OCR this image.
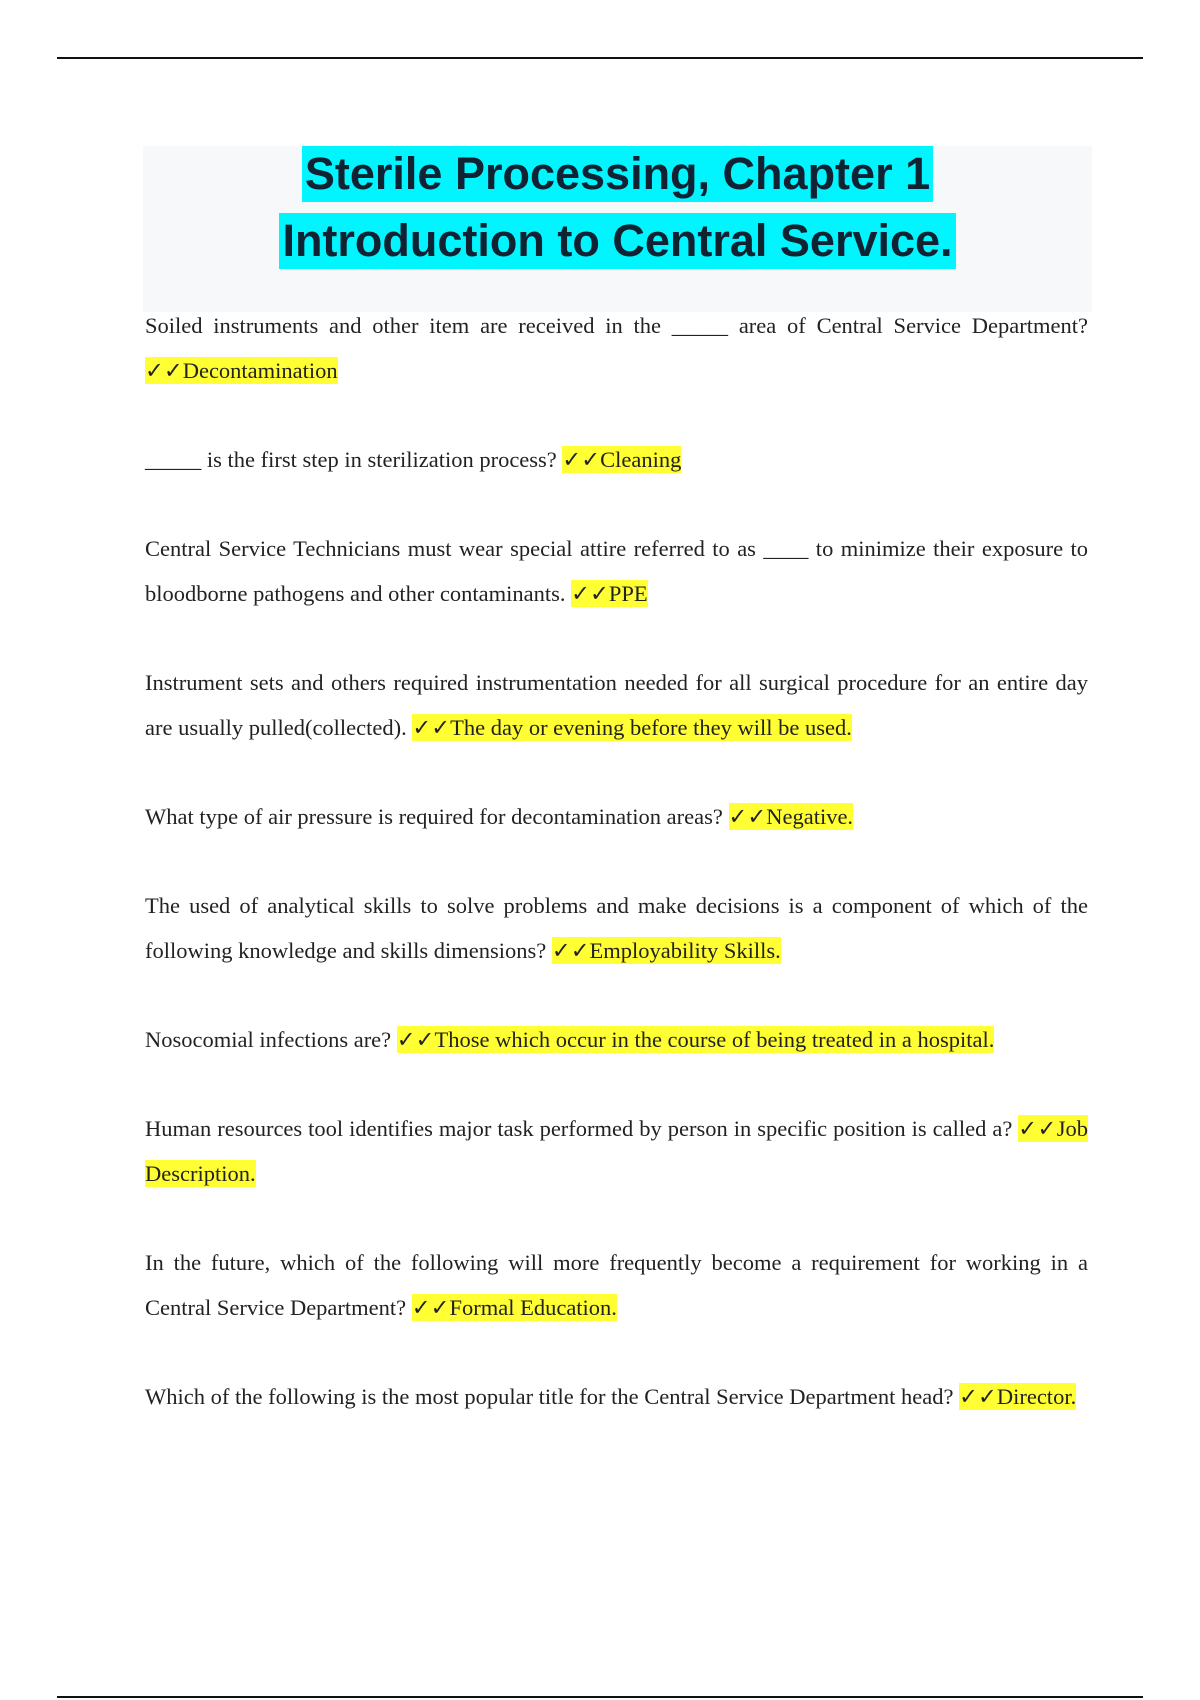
Sterile Processing, Chapter 1
Introduction to Central Service.

Soiled instruments and other item are received in the _____ area of Central Service Department? ✓✓Decontamination

_____ is the first step in sterilization process? ✓✓Cleaning

Central Service Technicians must wear special attire referred to as ____ to minimize their exposure to bloodborne pathogens and other contaminants. ✓✓PPE

Instrument sets and others required instrumentation needed for all surgical procedure for an entire day are usually pulled(collected). ✓✓The day or evening before they will be used.

What type of air pressure is required for decontamination areas? ✓✓Negative.

The used of analytical skills to solve problems and make decisions is a component of which of the following knowledge and skills dimensions? ✓✓Employability Skills.

Nosocomial infections are? ✓✓Those which occur in the course of being treated in a hospital.

Human resources tool identifies major task performed by person in specific position is called a? ✓✓Job Description.

In the future, which of the following will more frequently become a requirement for working in a Central Service Department? ✓✓Formal Education.

Which of the following is the most popular title for the Central Service Department head? ✓✓Director.
